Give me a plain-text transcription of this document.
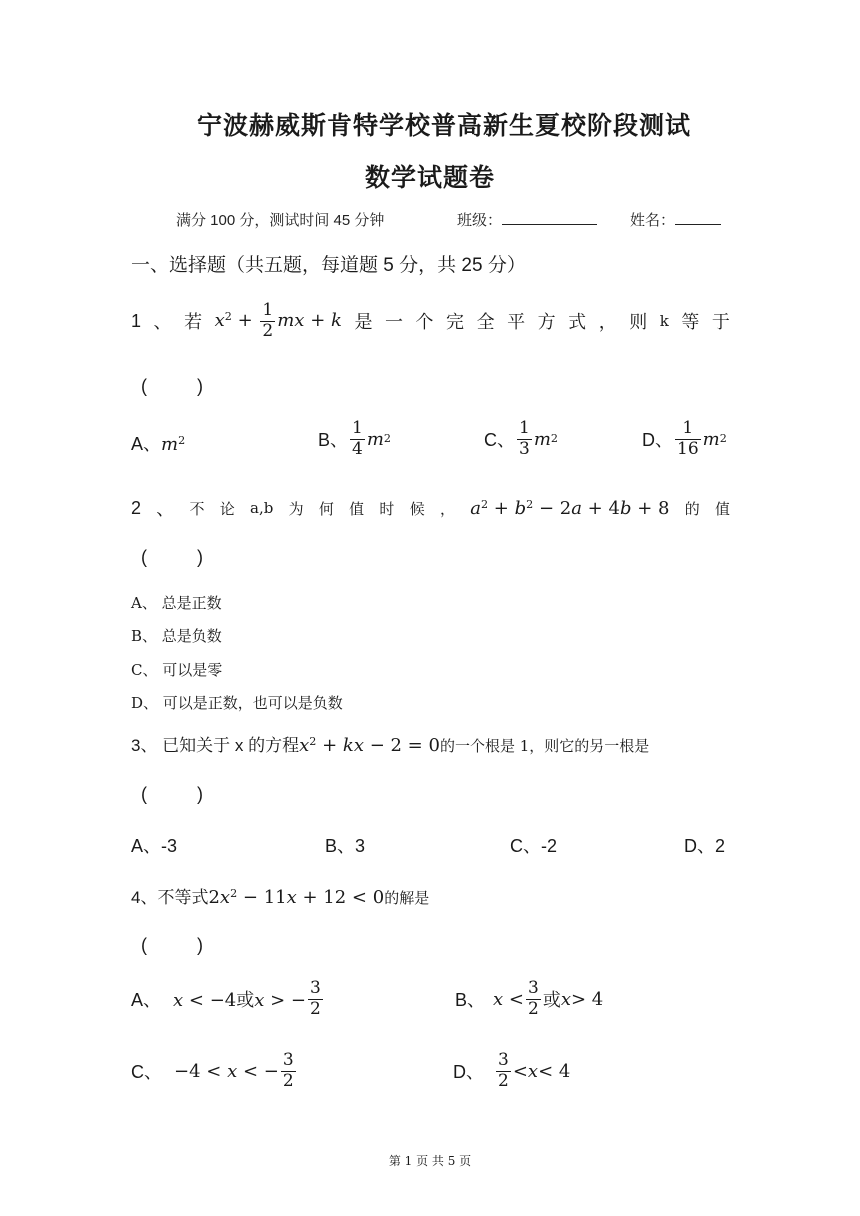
宁波赫威斯肯特学校普高新生夏校阶段测试
数学试题卷
满分 100 分，测试时间 45 分钟	班级：	姓名：
一、选择题（共五题，每道题 5 分，共 25 分）
1 、 若 $x^2 + \frac{1}{2}$ mx + k 是 一 个 完 全 平 方 式 ， 则 k 等 于
(          )
A、$m^2$	B、 $\frac{1}{4}$ m 2	C、 $\frac{1}{3}$ m 2	D、 $\frac{1}{16}$ m 2
2 、 不 论 a,b 为 何 值 时 候 ， $a^2 + b^2 - 2a + 4b + 8$ 的 值
(          )
A、 总是正数
B、 总是负数
C、 可以是零
D、 可以是正数，也可以是负数
3、 已知关于 x 的方程 $x^2$ + kx − 2 = 0 的一个根是 1，则它的另一根是
(          )
A、-3	B、3	C、-2	D、2
4、不等式 $2x^2 - 11x + 12 < 0$ 的解是
(          )
A、 x < −4或x > − $\frac{3}{2}$	B、 $x < \frac{3}{2}$ 或 x > 4
C、 −4 < x < − $\frac{3}{2}$	D、 $\frac{3}{2} < x < 4$
第 1 页 共 5 页
